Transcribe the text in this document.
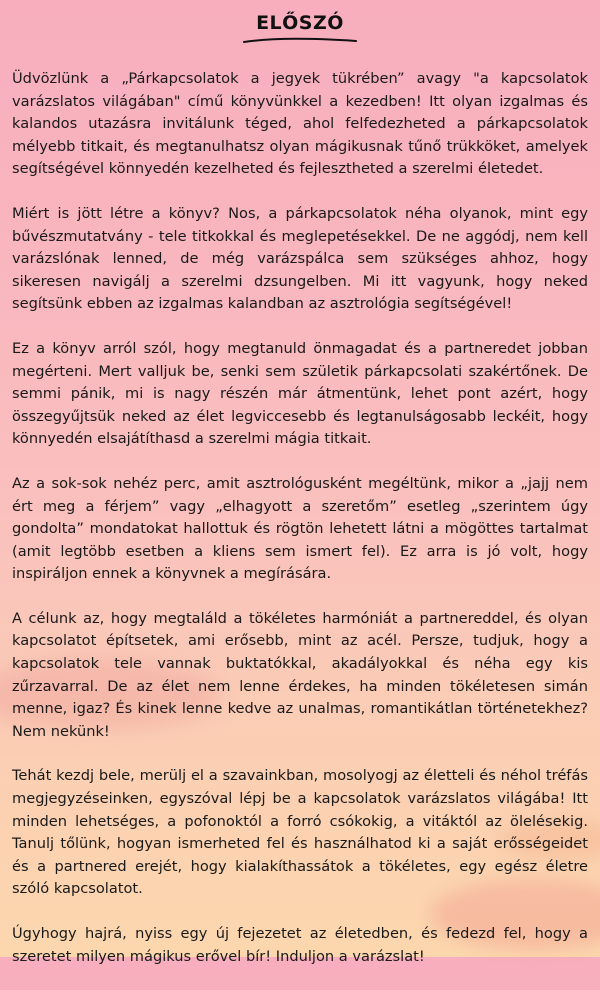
ELŐSZÓ

Üdvözlünk a „Párkapcsolatok a jegyek tükrében” avagy "a kapcsolatok varázslatos világában" című könyvünkkel a kezedben! Itt olyan izgalmas és kalandos utazásra invitálunk téged, ahol felfedezheted a párkapcsolatok mélyebb titkait, és megtanulhatsz olyan mágikusnak tűnő trükköket, amelyek segítségével könnyedén kezelheted és fejlesztheted a szerelmi életedet.

Miért is jött létre a könyv? Nos, a párkapcsolatok néha olyanok, mint egy bűvészmutatvány - tele titkokkal és meglepetésekkel. De ne aggódj, nem kell varázslónak lenned, de még varázspálca sem szükséges ahhoz, hogy sikeresen navigálj a szerelmi dzsungelben. Mi itt vagyunk, hogy neked segítsünk ebben az izgalmas kalandban az asztrológia segítségével!

Ez a könyv arról szól, hogy megtanuld önmagadat és a partneredet jobban megérteni. Mert valljuk be, senki sem születik párkapcsolati szakértőnek. De semmi pánik, mi is nagy részén már átmentünk, lehet pont azért, hogy összegyűjtsük neked az élet legviccesebb és legtanulságosabb leckéit, hogy könnyedén elsajátíthasd a szerelmi mágia titkait.

Az a sok-sok nehéz perc, amit asztrológusként megéltünk, mikor a „jajj nem ért meg a férjem” vagy „elhagyott a szeretőm” esetleg „szerintem úgy gondolta” mondatokat hallottuk és rögtön lehetett látni a mögöttes tartalmat (amit legtöbb esetben a kliens sem ismert fel). Ez arra is jó volt, hogy inspiráljon ennek a könyvnek a megírására.

A célunk az, hogy megtaláld a tökéletes harmóniát a partnereddel, és olyan kapcsolatot építsetek, ami erősebb, mint az acél. Persze, tudjuk, hogy a kapcsolatok tele vannak buktatókkal, akadályokkal és néha egy kis zűrzavarral. De az élet nem lenne érdekes, ha minden tökéletesen simán menne, igaz? És kinek lenne kedve az unalmas, romantikátlan történetekhez? Nem nekünk!

Tehát kezdj bele, merülj el a szavainkban, mosolyogj az életteli és néhol tréfás megjegyzéseinken, egyszóval lépj be a kapcsolatok varázslatos világába! Itt minden lehetséges, a pofonoktól a forró csókokig, a vitáktól az ölelésekig. Tanulj tőlünk, hogyan ismerheted fel és használhatod ki a saját erősségeidet és a partnered erejét, hogy kialakíthassátok a tökéletes, egy egész életre szóló kapcsolatot.

Úgyhogy hajrá, nyiss egy új fejezetet az életedben, és fedezd fel, hogy a szeretet milyen mágikus erővel bír! Induljon a varázslat!
